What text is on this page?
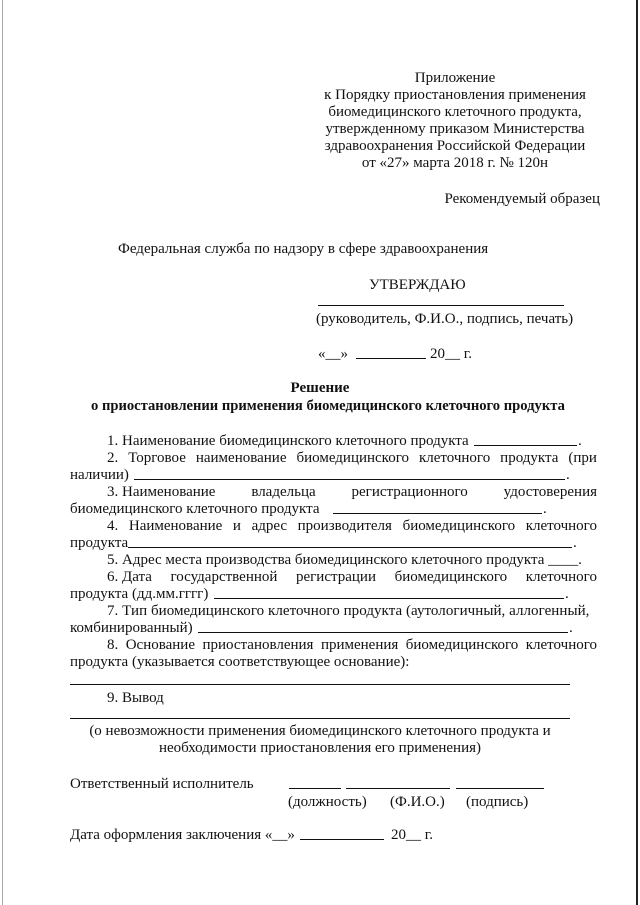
Приложение
к Порядку приостановления применения
биомедицинского клеточного продукта,
утвержденному приказом Министерства
здравоохранения Российской Федерации
от «27» марта 2018 г. № 120н
Рекомендуемый образец
Федеральная служба по надзору в сфере здравоохранения
УТВЕРЖДАЮ
(руководитель, Ф.И.О., подпись, печать)
«__»	20__ г.
Решение
о приостановлении применения биомедицинского клеточного продукта
1. Наименование биомедицинского клеточного продукта	.
2. Торговое наименование биомедицинского клеточного продукта (при
наличии)	.
3. Наименование владельца регистрационного удостоверения
биомедицинского клеточного продукта	.
4. Наименование и адрес производителя биомедицинского клеточного
продукта	.
5. Адрес места производства биомедицинского клеточного продукта ____.
6. Дата государственной регистрации биомедицинского клеточного
продукта (дд.мм.гггг)	.
7. Тип биомедицинского клеточного продукта (аутологичный, аллогенный,
комбинированный)	.
8. Основание приостановления применения биомедицинского клеточного
продукта (указывается соответствующее основание):
9. Вывод
(о невозможности применения биомедицинского клеточного продукта и
необходимости приостановления его применения)
Ответственный исполнитель
(должность) (Ф.И.О.) (подпись)
Дата оформления заключения «__»	20__ г.
